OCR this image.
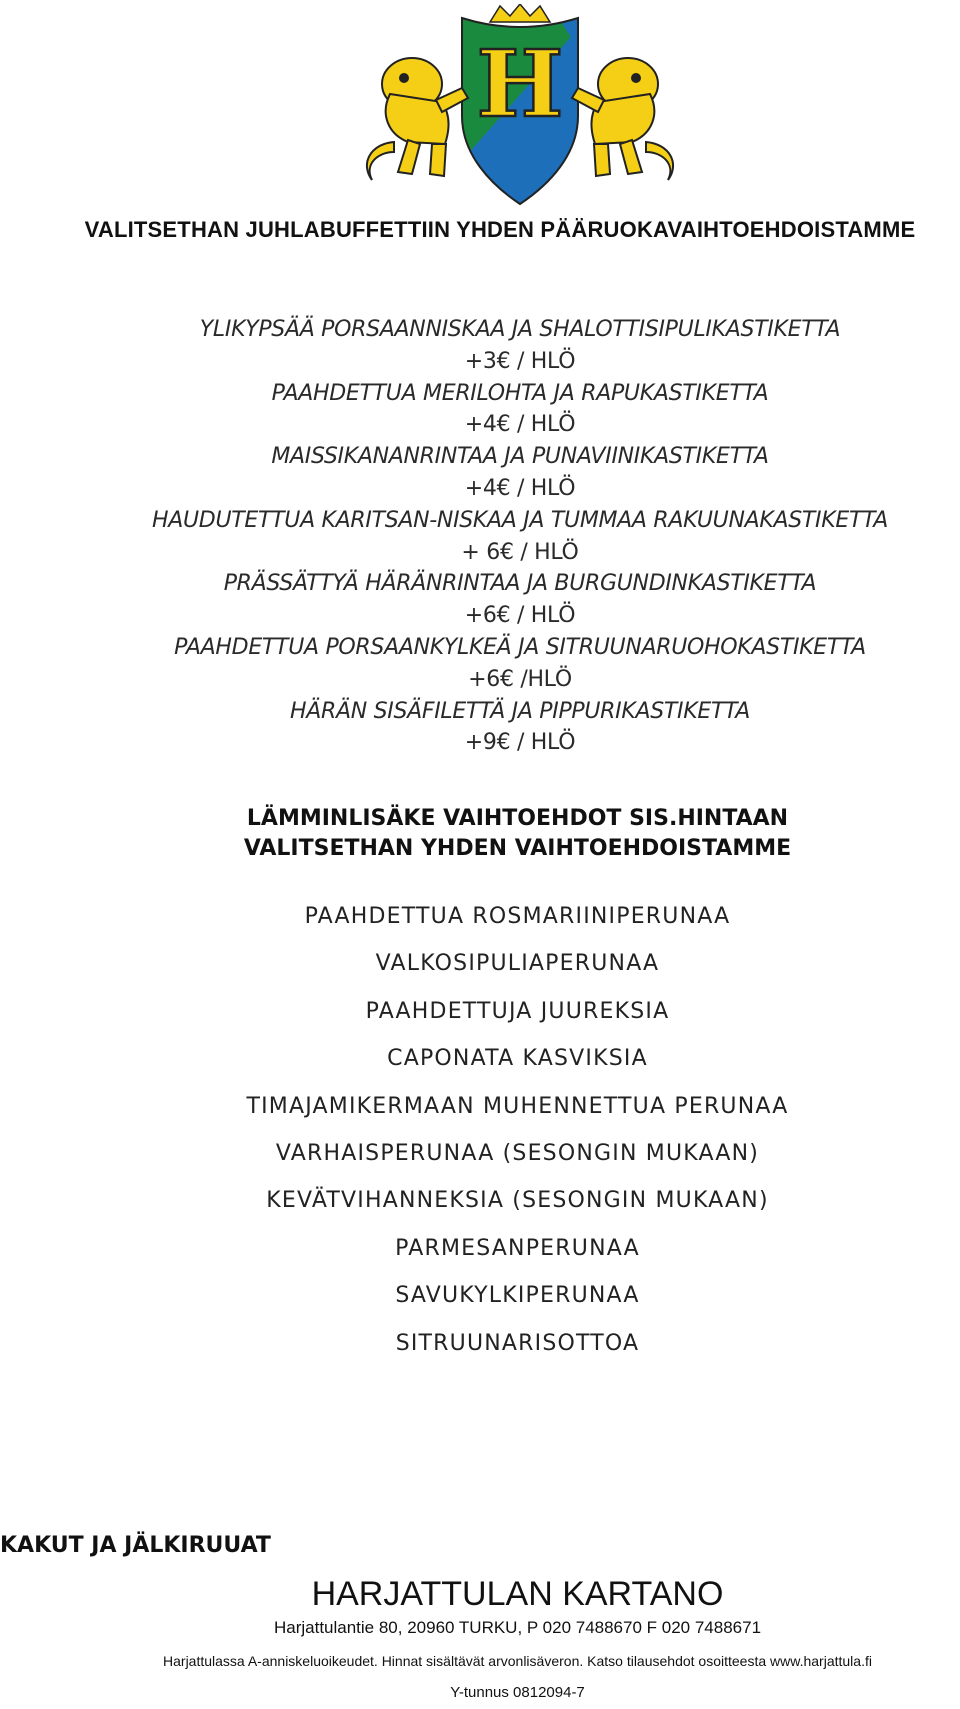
H
VALITSETHAN JUHLABUFFETTIIN YHDEN PÄÄRUOKAVAIHTOEHDOISTAMME
YLIKYPSÄÄ PORSAANNISKAA JA SHALOTTISIPULIKASTIKETTA
+3€ / HLÖ
PAAHDETTUA MERILOHTA JA RAPUKASTIKETTA
+4€ / HLÖ
MAISSIKANANRINTAA JA PUNAVIINIKASTIKETTA
+4€ / HLÖ
HAUDUTETTUA KARITSAN-NISKAA JA TUMMAA RAKUUNAKASTIKETTA
+ 6€ / HLÖ
PRÄSSÄTTYÄ HÄRÄNRINTAA JA BURGUNDINKASTIKETTA
+6€ / HLÖ
PAAHDETTUA PORSAANKYLKEÄ JA SITRUUNARUOHOKASTIKETTA
+6€ /HLÖ
HÄRÄN SISÄFILETTÄ JA PIPPURIKASTIKETTA
+9€ / HLÖ
LÄMMINLISÄKE VAIHTOEHDOT SIS.HINTAAN
VALITSETHAN YHDEN VAIHTOEHDOISTAMME
PAAHDETTUA ROSMARIINIPERUNAA
VALKOSIPULIAPERUNAA
PAAHDETTUJA JUUREKSIA
CAPONATA KASVIKSIA
TIMAJAMIKERMAAN MUHENNETTUA PERUNAA
VARHAISPERUNAA (SESONGIN MUKAAN)
KEVÄTVIHANNEKSIA (SESONGIN MUKAAN)
PARMESANPERUNAA
SAVUKYLKIPERUNAA
SITRUUNARISOTTOA
KAKUT JA JÄLKIRUUAT
HARJATTULAN KARTANO
Harjattulantie 80, 20960 TURKU, P 020 7488670 F 020 7488671
Harjattulassa A-anniskeluoikeudet. Hinnat sisältävät arvonlisäveron. Katso tilausehdot osoitteesta www.harjattula.fi
Y-tunnus 0812094-7
